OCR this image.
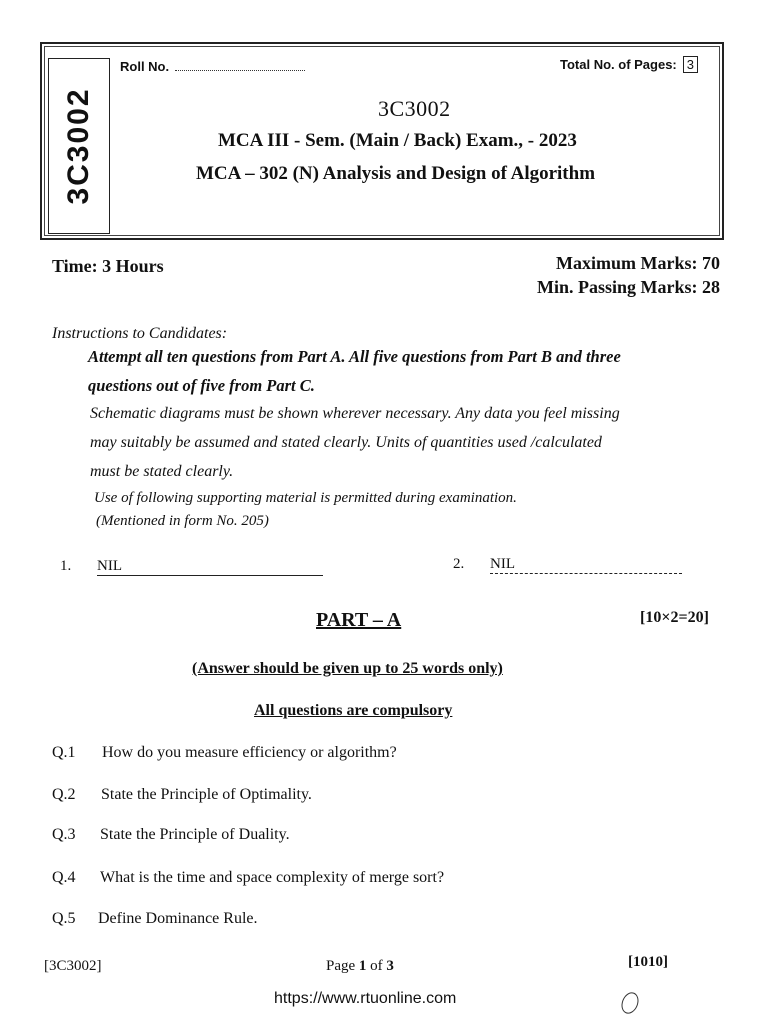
3C3002
Roll No.	Total No. of Pages: 3
3C3002
MCA III - Sem. (Main / Back) Exam., - 2023
MCA – 302 (N) Analysis and Design of Algorithm
Time: 3 Hours	Maximum Marks: 70
Min. Passing Marks: 28
Instructions to Candidates:
Attempt all ten questions from Part A. All five questions from Part B and three
questions out of five from Part C.
Schematic diagrams must be shown wherever necessary. Any data you feel missing
may suitably be assumed and stated clearly. Units of quantities used /calculated
must be stated clearly.
Use of following supporting material is permitted during examination.
(Mentioned in form No. 205)
1. NIL	2. NIL
PART – A	[10×2=20]
(Answer should be given up to 25 words only)
All questions are compulsory
Q.1 How do you measure efficiency or algorithm?
Q.2 State the Principle of Optimality.
Q.3 State the Principle of Duality.
Q.4 What is the time and space complexity of merge sort?
Q.5 Define Dominance Rule.
[3C3002]	Page 1 of 3	[1010]
https://www.rtuonline.com
